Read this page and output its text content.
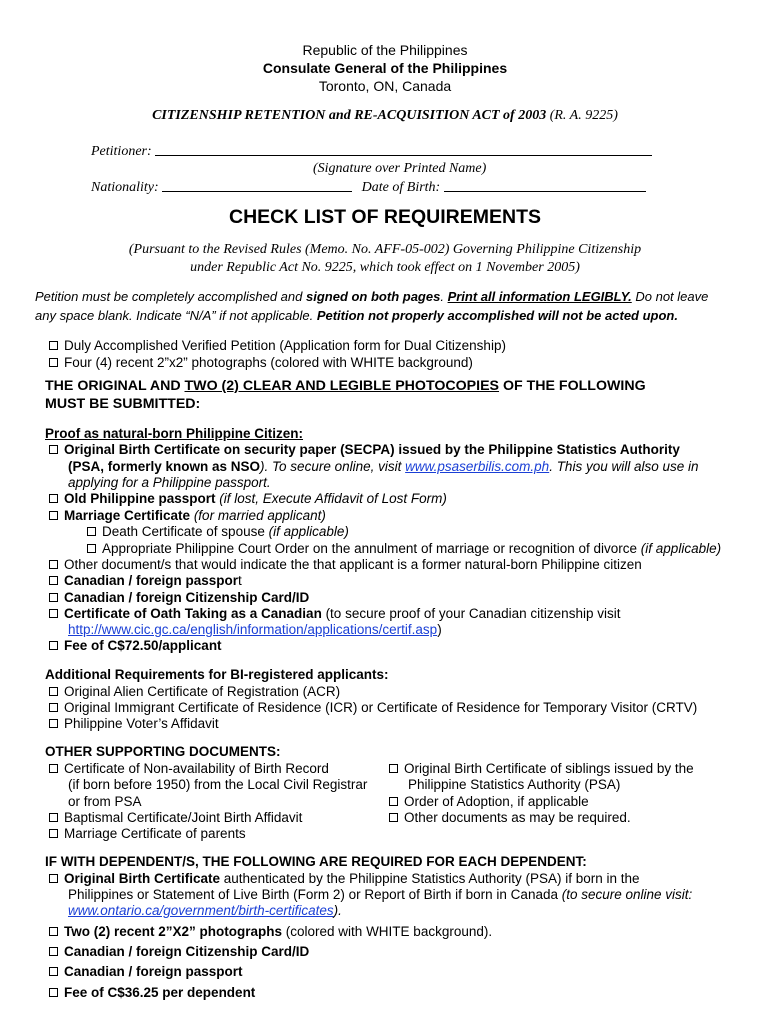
Republic of the Philippines
Consulate General of the Philippines
Toronto, ON, Canada
CITIZENSHIP RETENTION and RE-ACQUISITION ACT of 2003 (R. A. 9225)
Petitioner:
(Signature over Printed Name)
Nationality:	Date of Birth:
CHECK LIST OF REQUIREMENTS
(Pursuant to the Revised Rules (Memo. No. AFF-05-002) Governing Philippine Citizenship
under Republic Act No. 9225, which took effect on 1 November 2005)
Petition must be completely accomplished and signed on both pages. Print all information LEGIBLY. Do not leave
any space blank. Indicate “N/A” if not applicable. Petition not properly accomplished will not be acted upon.
Duly Accomplished Verified Petition (Application form for Dual Citizenship)
Four (4) recent 2”x2” photographs (colored with WHITE background)
THE ORIGINAL AND TWO (2) CLEAR AND LEGIBLE PHOTOCOPIES OF THE FOLLOWING
MUST BE SUBMITTED:
Proof as natural-born Philippine Citizen:
Original Birth Certificate on security paper (SECPA) issued by the Philippine Statistics Authority
(PSA, formerly known as NSO). To secure online, visit www.psaserbilis.com.ph. This you will also use in
applying for a Philippine passport.
Old Philippine passport (if lost, Execute Affidavit of Lost Form)
Marriage Certificate (for married applicant)
Death Certificate of spouse (if applicable)
Appropriate Philippine Court Order on the annulment of marriage or recognition of divorce (if applicable)
Other document/s that would indicate the that applicant is a former natural-born Philippine citizen
Canadian / foreign passport
Canadian / foreign Citizenship Card/ID
Certificate of Oath Taking as a Canadian (to secure proof of your Canadian citizenship visit
http://www.cic.gc.ca/english/information/applications/certif.asp)
Fee of C$72.50/applicant
Additional Requirements for BI-registered applicants:
Original Alien Certificate of Registration (ACR)
Original Immigrant Certificate of Residence (ICR) or Certificate of Residence for Temporary Visitor (CRTV)
Philippine Voter’s Affidavit
OTHER SUPPORTING DOCUMENTS:
Certificate of Non-availability of Birth Record
(if born before 1950) from the Local Civil Registrar
or from PSA
Baptismal Certificate/Joint Birth Affidavit
Marriage Certificate of parents
Original Birth Certificate of siblings issued by the
Philippine Statistics Authority (PSA)
Order of Adoption, if applicable
Other documents as may be required.
IF WITH DEPENDENT/S, THE FOLLOWING ARE REQUIRED FOR EACH DEPENDENT:
Original Birth Certificate authenticated by the Philippine Statistics Authority (PSA) if born in the
Philippines or Statement of Live Birth (Form 2) or Report of Birth if born in Canada (to secure online visit:
www.ontario.ca/government/birth-certificates).
Two (2) recent 2”X2” photographs (colored with WHITE background).
Canadian / foreign Citizenship Card/ID
Canadian / foreign passport
Fee of C$36.25 per dependent
